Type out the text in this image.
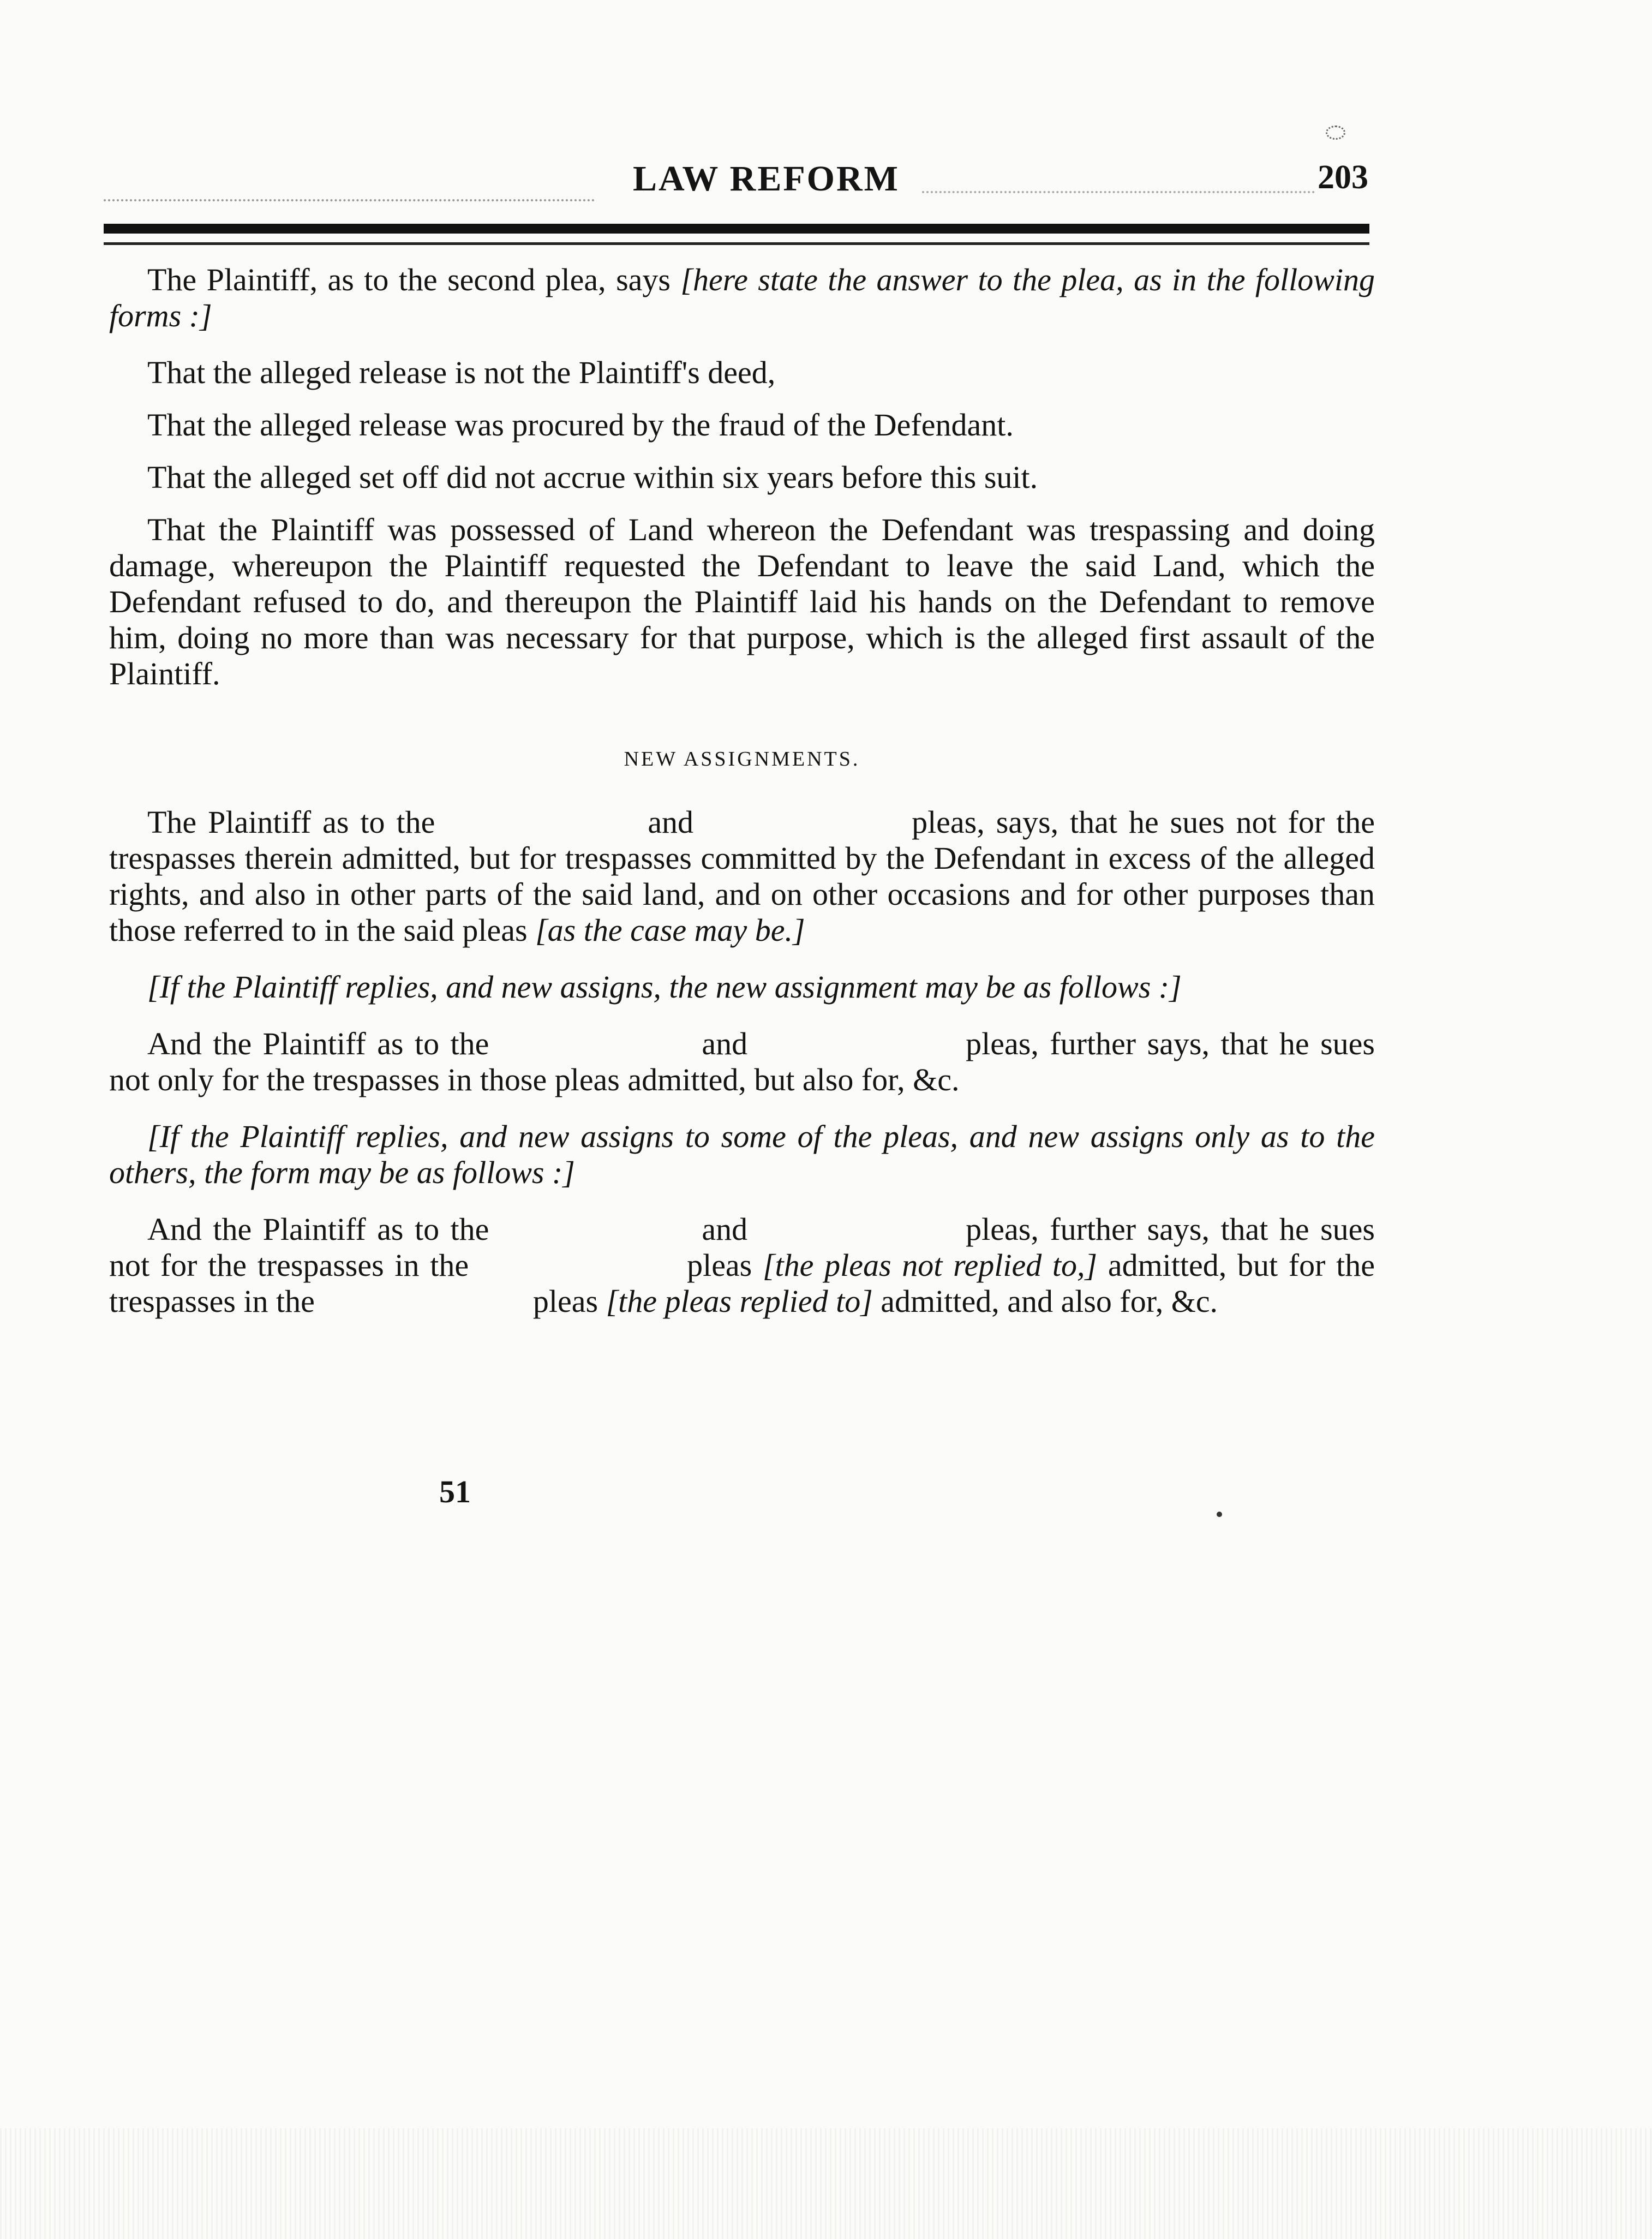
LAW REFORM	203

The Plaintiff, as to the second plea, says [here state the answer to the plea, as in the following forms :]

That the alleged release is not the Plaintiff's deed,

That the alleged release was procured by the fraud of the Defendant.

That the alleged set off did not accrue within six years before this suit.

That the Plaintiff was possessed of Land whereon the Defendant was trespassing and doing damage, whereupon the Plaintiff requested the Defendant to leave the said Land, which the Defendant refused to do, and thereupon the Plaintiff laid his hands on the Defendant to remove him, doing no more than was necessary for that purpose, which is the alleged first assault of the Plaintiff.

NEW ASSIGNMENTS.

The Plaintiff as to the	and	pleas, says, that he sues not for the trespasses therein admitted, but for trespasses committed by the Defendant in excess of the alleged rights, and also in other parts of the said land, and on other occasions and for other purposes than those referred to in the said pleas [as the case may be.]

[If the Plaintiff replies, and new assigns, the new assignment may be as follows :]

And the Plaintiff as to the	and	pleas, further says, that he sues not only for the trespasses in those pleas admitted, but also for, &c.

[If the Plaintiff replies, and new assigns to some of the pleas, and new assigns only as to the others, the form may be as follows :]

And the Plaintiff as to the	and	pleas, further says, that he sues not for the trespasses in the	pleas [the pleas not replied to,] admitted, but for the trespasses in the	pleas [the pleas replied to] admitted, and also for, &c.

51
